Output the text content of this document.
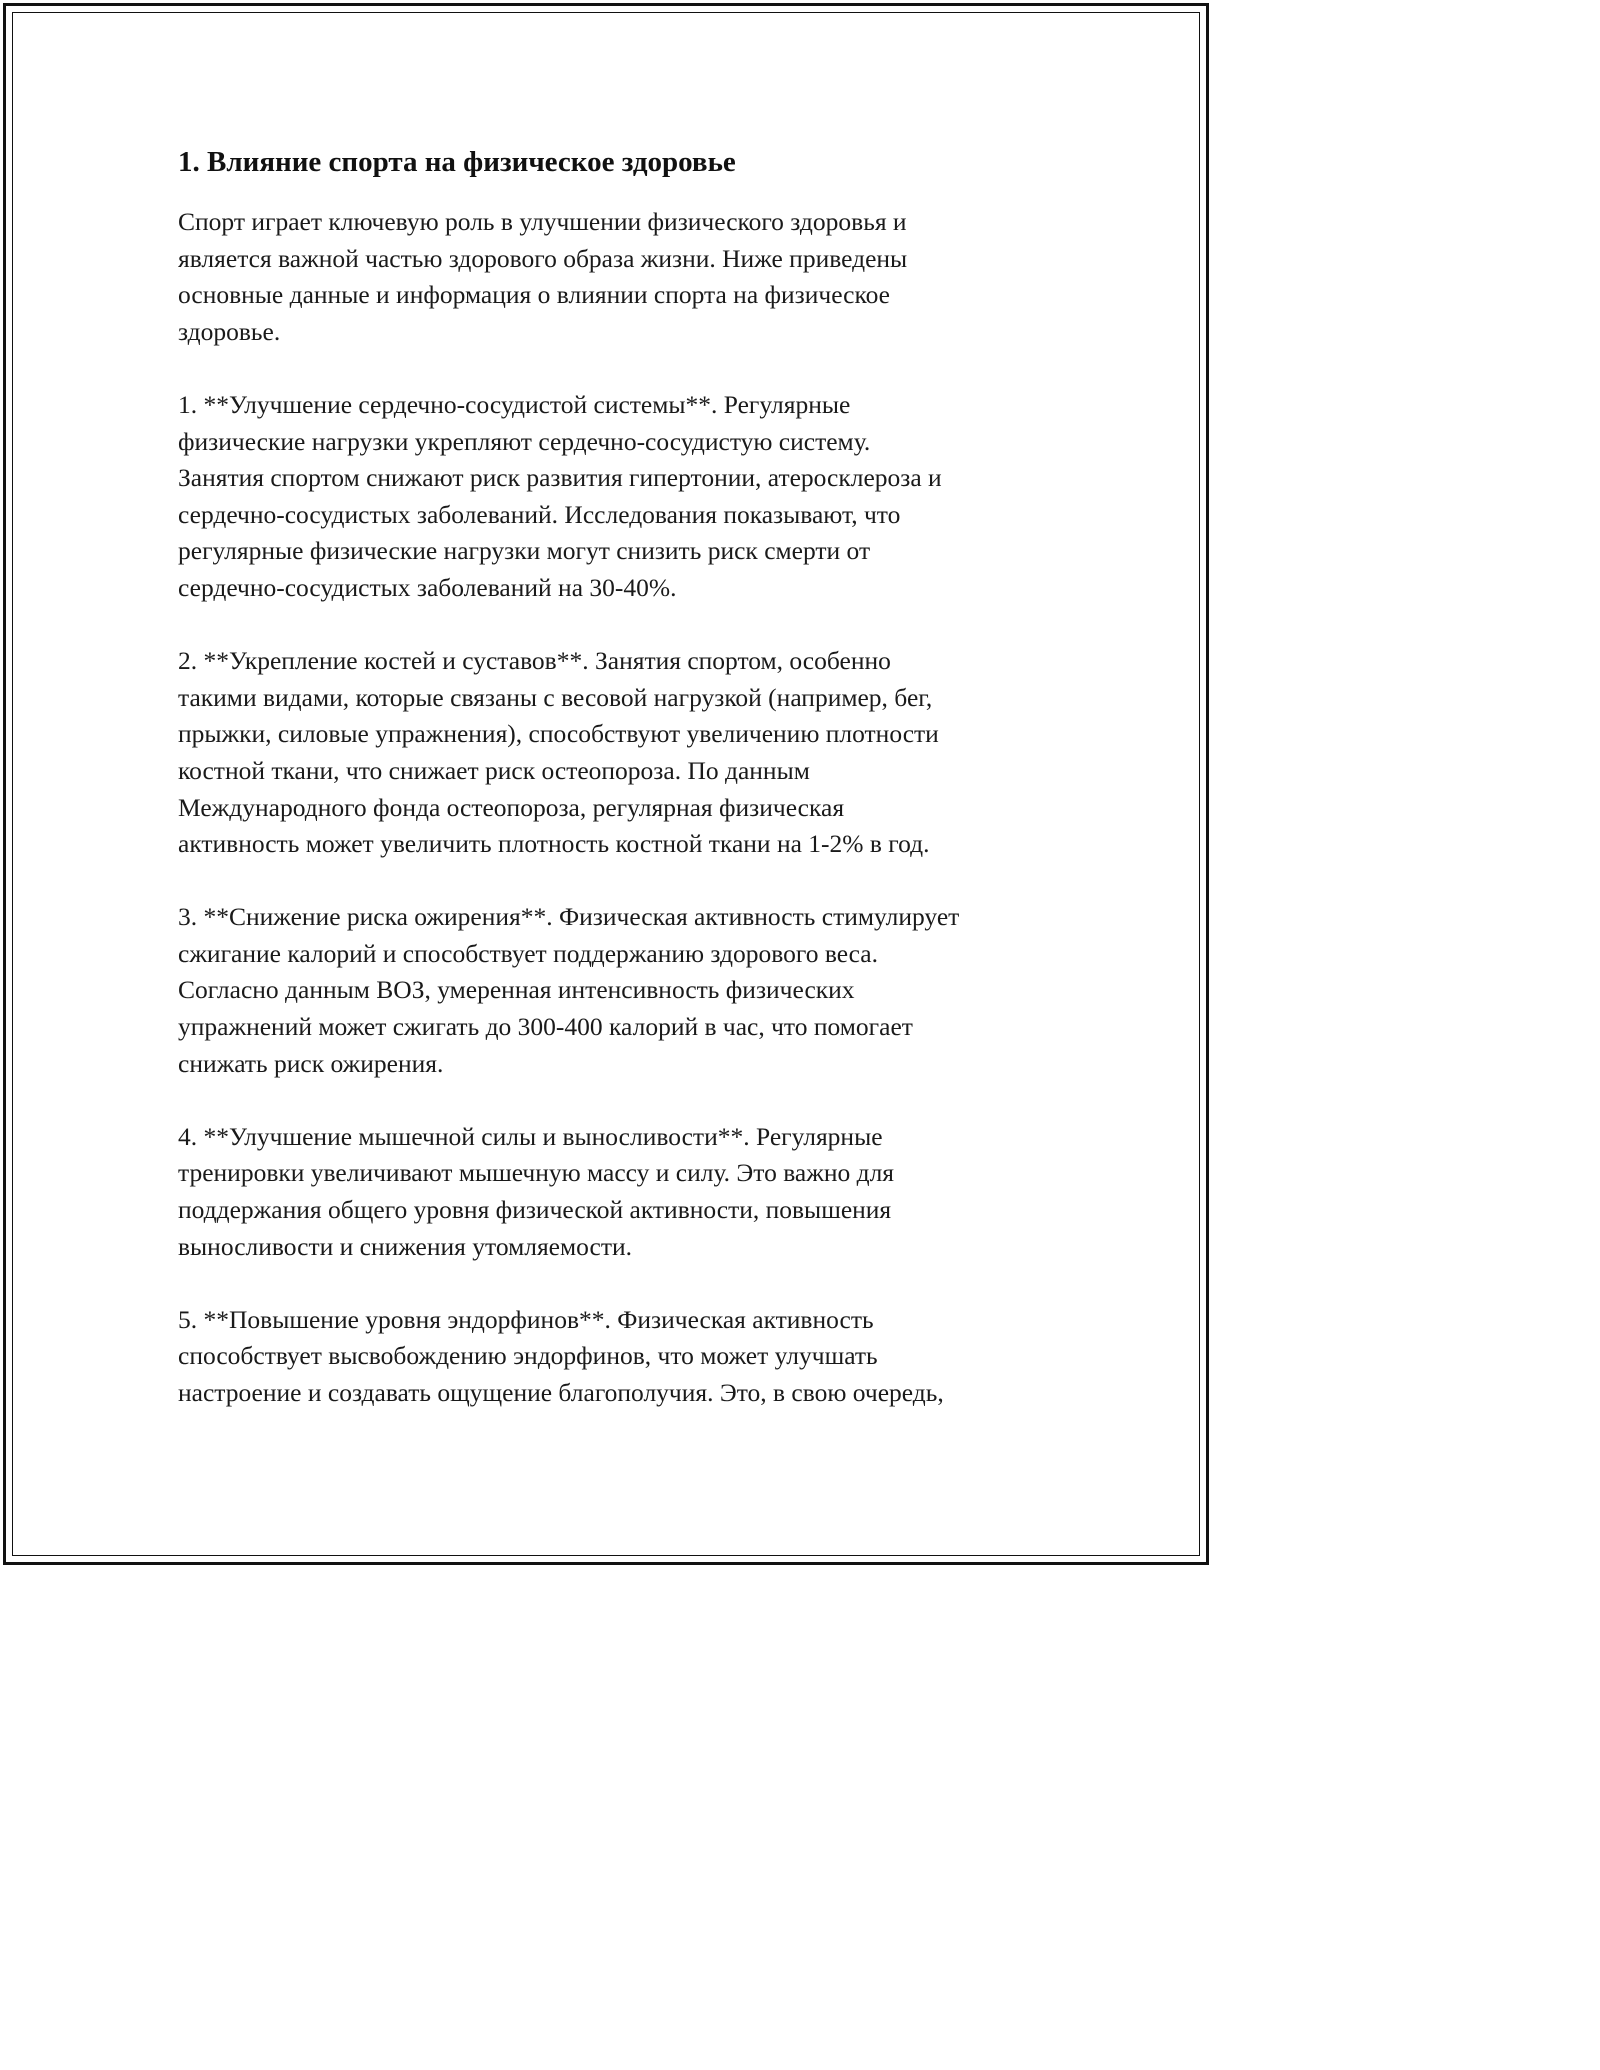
1. Влияние спорта на физическое здоровье

Спорт играет ключевую роль в улучшении физического здоровья и
является важной частью здорового образа жизни. Ниже приведены
основные данные и информация о влиянии спорта на физическое
здоровье.

1. **Улучшение сердечно-сосудистой системы**. Регулярные
физические нагрузки укрепляют сердечно-сосудистую систему.
Занятия спортом снижают риск развития гипертонии, атеросклероза и
сердечно-сосудистых заболеваний. Исследования показывают, что
регулярные физические нагрузки могут снизить риск смерти от
сердечно-сосудистых заболеваний на 30-40%.

2. **Укрепление костей и суставов**. Занятия спортом, особенно
такими видами, которые связаны с весовой нагрузкой (например, бег,
прыжки, силовые упражнения), способствуют увеличению плотности
костной ткани, что снижает риск остеопороза. По данным
Международного фонда остеопороза, регулярная физическая
активность может увеличить плотность костной ткани на 1-2% в год.

3. **Снижение риска ожирения**. Физическая активность стимулирует
сжигание калорий и способствует поддержанию здорового веса.
Согласно данным ВОЗ, умеренная интенсивность физических
упражнений может сжигать до 300-400 калорий в час, что помогает
снижать риск ожирения.

4. **Улучшение мышечной силы и выносливости**. Регулярные
тренировки увеличивают мышечную массу и силу. Это важно для
поддержания общего уровня физической активности, повышения
выносливости и снижения утомляемости.

5. **Повышение уровня эндорфинов**. Физическая активность
способствует высвобождению эндорфинов, что может улучшать
настроение и создавать ощущение благополучия. Это, в свою очередь,
